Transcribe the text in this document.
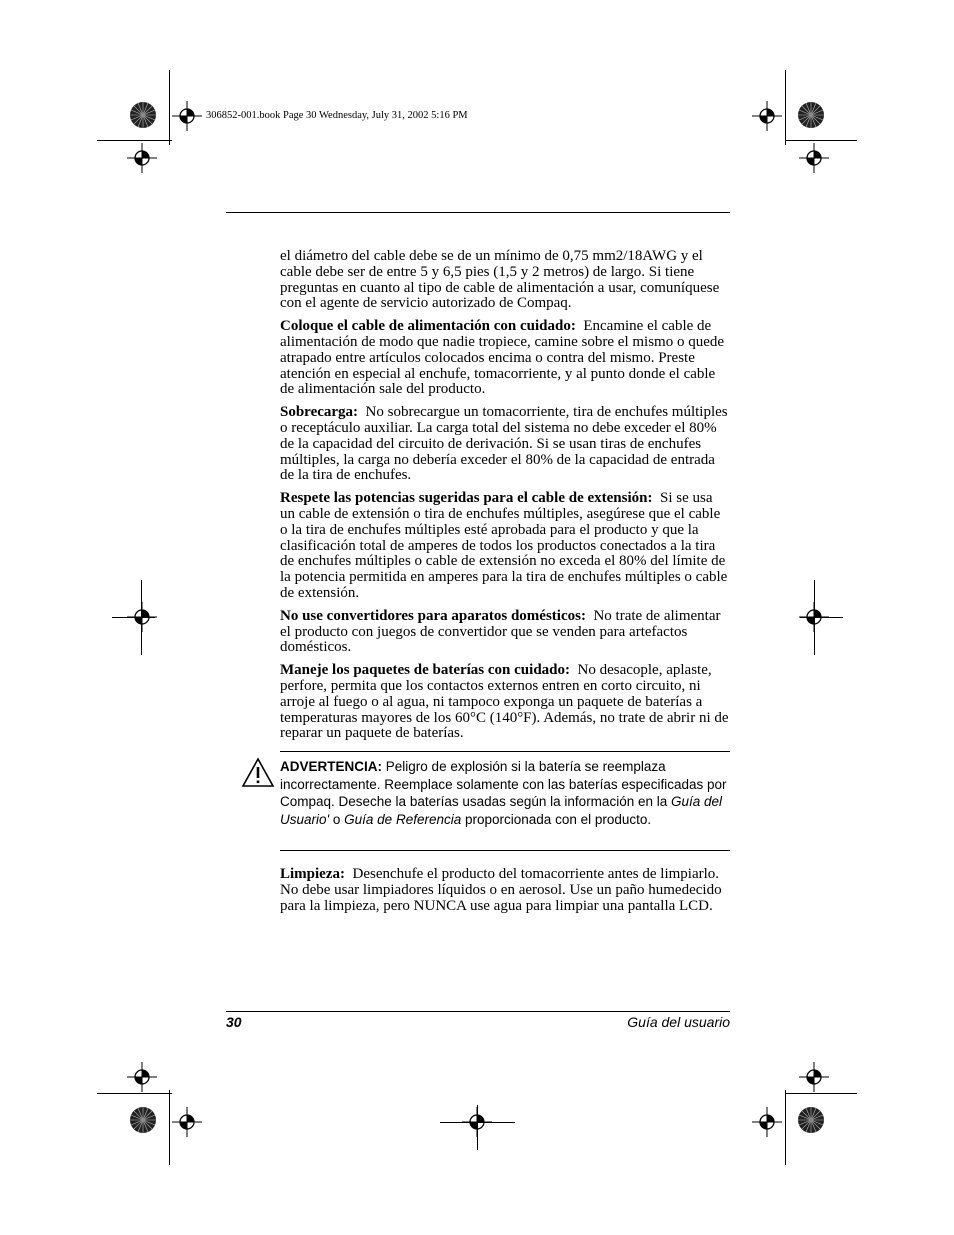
306852-001.book Page 30 Wednesday, July 31, 2002 5:16 PM

el diámetro del cable debe se de un mínimo de 0,75 mm2/18AWG y el cable debe ser de entre 5 y 6,5 pies (1,5 y 2 metros) de largo. Si tiene preguntas en cuanto al tipo de cable de alimentación a usar, comuníquese con el agente de servicio autorizado de Compaq.

Coloque el cable de alimentación con cuidado: Encamine el cable de alimentación de modo que nadie tropiece, camine sobre el mismo o quede atrapado entre artículos colocados encima o contra del mismo. Preste atención en especial al enchufe, tomacorriente, y al punto donde el cable de alimentación sale del producto.

Sobrecarga: No sobrecargue un tomacorriente, tira de enchufes múltiples o receptáculo auxiliar. La carga total del sistema no debe exceder el 80% de la capacidad del circuito de derivación. Si se usan tiras de enchufes múltiples, la carga no debería exceder el 80% de la capacidad de entrada de la tira de enchufes.

Respete las potencias sugeridas para el cable de extensión: Si se usa un cable de extensión o tira de enchufes múltiples, asegúrese que el cable o la tira de enchufes múltiples esté aprobada para el producto y que la clasificación total de amperes de todos los productos conectados a la tira de enchufes múltiples o cable de extensión no exceda el 80% del límite de la potencia permitida en amperes para la tira de enchufes múltiples o cable de extensión.

No use convertidores para aparatos domésticos: No trate de alimentar el producto con juegos de convertidor que se venden para artefactos domésticos.

Maneje los paquetes de baterías con cuidado: No desacople, aplaste, perfore, permita que los contactos externos entren en corto circuito, ni arroje al fuego o al agua, ni tampoco exponga un paquete de baterías a temperaturas mayores de los 60°C (140°F). Además, no trate de abrir ni de reparar un paquete de baterías.

ADVERTENCIA: Peligro de explosión si la batería se reemplaza incorrectamente. Reemplace solamente con las baterías especificadas por Compaq. Deseche la baterías usadas según la información en la Guía del Usuario' o Guía de Referencia proporcionada con el producto.

Limpieza: Desenchufe el producto del tomacorriente antes de limpiarlo. No debe usar limpiadores líquidos o en aerosol. Use un paño humedecido para la limpieza, pero NUNCA use agua para limpiar una pantalla LCD.

30	Guía del usuario
